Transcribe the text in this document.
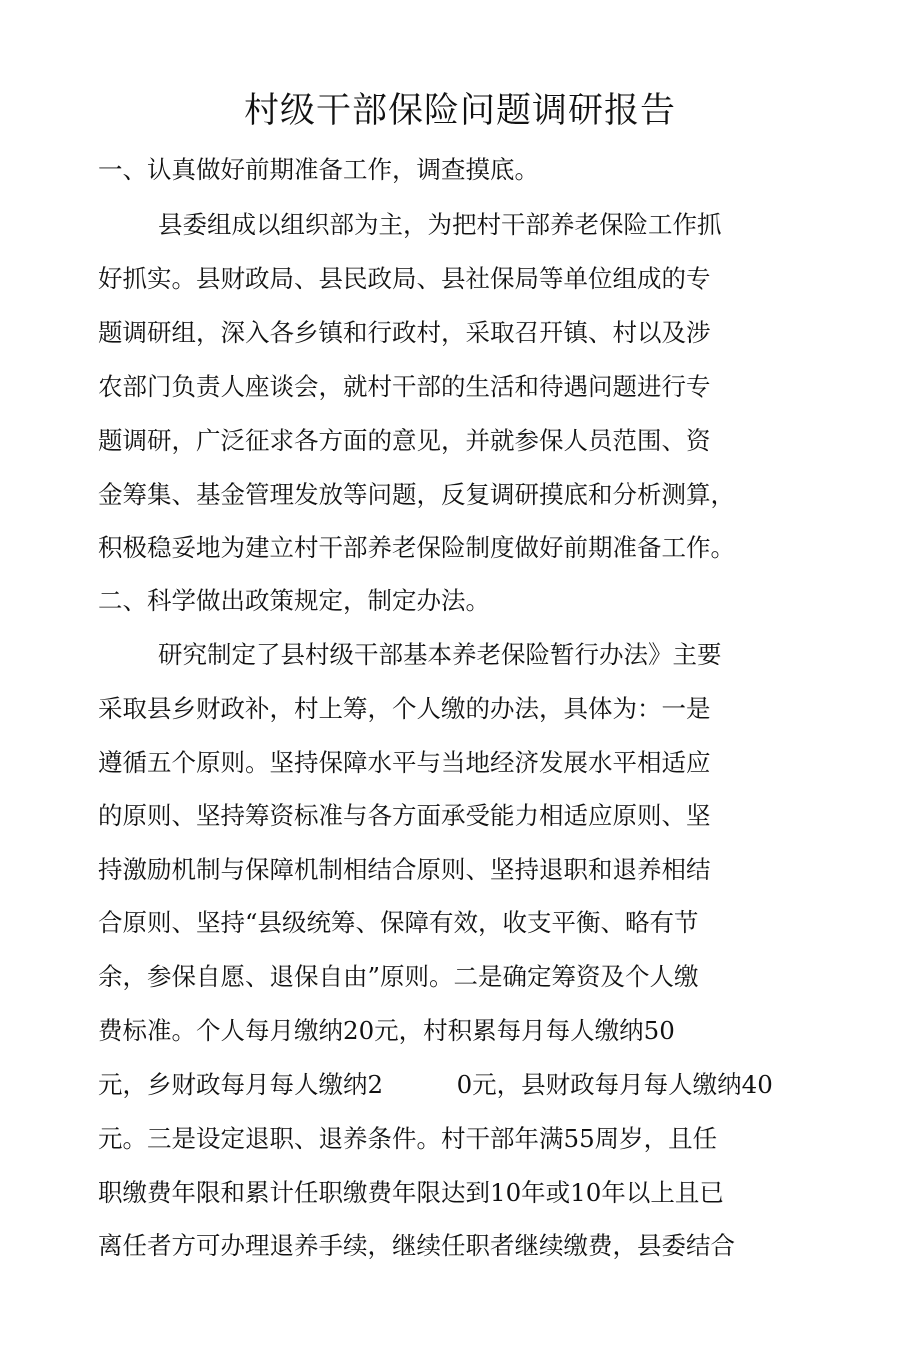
村级干部保险问题调研报告
一、认真做好前期准备工作，调查摸底。
县委组成以组织部为主，为把村干部养老保险工作抓
好抓实。县财政局、县民政局、县社保局等单位组成的专
题调研组，深入各乡镇和行政村，采取召幵镇、村以及涉
农部门负责人座谈会，就村干部的生活和待遇问题进行专
题调研，广泛征求各方面的意见，并就参保人员范围、资
金筹集、基金管理发放等问题，反复调研摸底和分析测算，
积极稳妥地为建立村干部养老保险制度做好前期准备工作。
二、科学做出政策规定，制定办法。
研究制定了县村级干部基本养老保险暂行办法》主要
采取县乡财政补，村上筹，个人缴的办法，具体为：一是
遵循五个原则。坚持保障水平与当地经济发展水平相适应
的原则、坚持筹资标准与各方面承受能力相适应原则、坚
持激励机制与保障机制相结合原则、坚持退职和退养相结
合原则、坚持“县级统筹、保障有效，收支平衡、略有节
余，参保自愿、退保自由”原则。二是确定筹资及个人缴
费标准。个人每月缴纳20元，村积累每月每人缴纳50
元，乡财政每月每人缴纳2　　　0元，县财政每月每人缴纳40
元。三是设定退职、退养条件。村干部年满55周岁，且任
职缴费年限和累计任职缴费年限达到10年或10年以上且已
离任者方可办理退养手续，继续任职者继续缴费，县委结合
